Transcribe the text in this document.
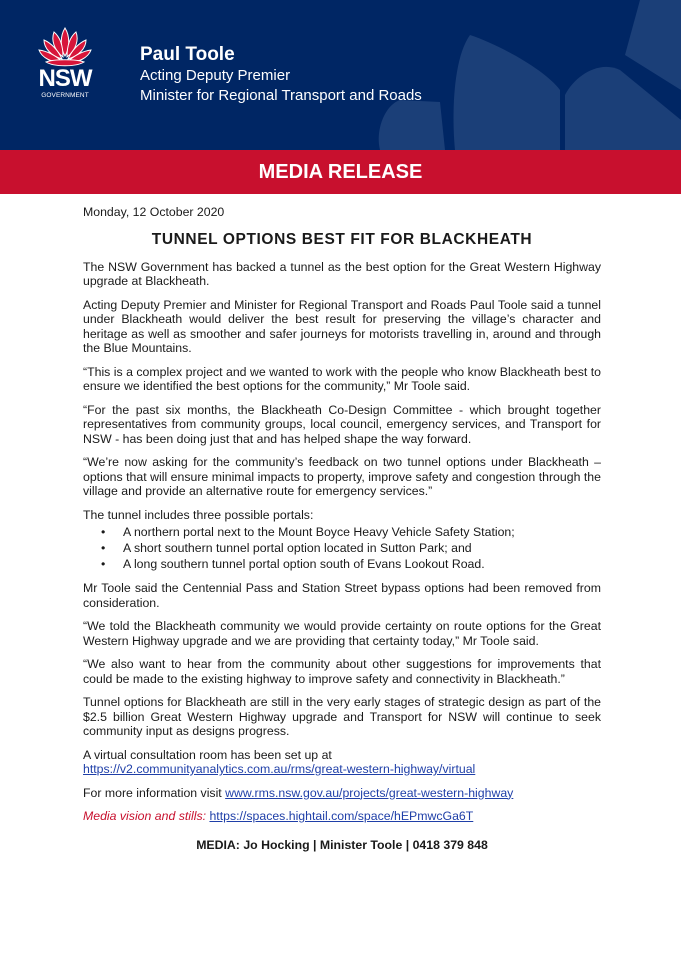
NSW
GOVERNMENT
Paul Toole
Acting Deputy Premier
Minister for Regional Transport and Roads
MEDIA RELEASE
Monday, 12 October 2020
TUNNEL OPTIONS BEST FIT FOR BLACKHEATH

The NSW Government has backed a tunnel as the best option for the Great Western Highway upgrade at Blackheath.

Acting Deputy Premier and Minister for Regional Transport and Roads Paul Toole said a tunnel under Blackheath would deliver the best result for preserving the village’s character and heritage as well as smoother and safer journeys for motorists travelling in, around and through the Blue Mountains.

“This is a complex project and we wanted to work with the people who know Blackheath best to ensure we identified the best options for the community,” Mr Toole said.

“For the past six months, the Blackheath Co-Design Committee - which brought together representatives from community groups, local council, emergency services, and Transport for NSW - has been doing just that and has helped shape the way forward.

“We’re now asking for the community’s feedback on two tunnel options under Blackheath – options that will ensure minimal impacts to property, improve safety and congestion through the village and provide an alternative route for emergency services.”

The tunnel includes three possible portals:

• A northern portal next to the Mount Boyce Heavy Vehicle Safety Station;
• A short southern tunnel portal option located in Sutton Park; and
• A long southern tunnel portal option south of Evans Lookout Road.

Mr Toole said the Centennial Pass and Station Street bypass options had been removed from consideration.

“We told the Blackheath community we would provide certainty on route options for the Great Western Highway upgrade and we are providing that certainty today,” Mr Toole said.

“We also want to hear from the community about other suggestions for improvements that could be made to the existing highway to improve safety and connectivity in Blackheath.”

Tunnel options for Blackheath are still in the very early stages of strategic design as part of the $2.5 billion Great Western Highway upgrade and Transport for NSW will continue to seek community input as designs progress.

A virtual consultation room has been set up at
https://v2.communityanalytics.com.au/rms/great-western-highway/virtual

For more information visit www.rms.nsw.gov.au/projects/great-western-highway

Media vision and stills: https://spaces.hightail.com/space/hEPmwcGa6T

MEDIA: Jo Hocking | Minister Toole | 0418 379 848
